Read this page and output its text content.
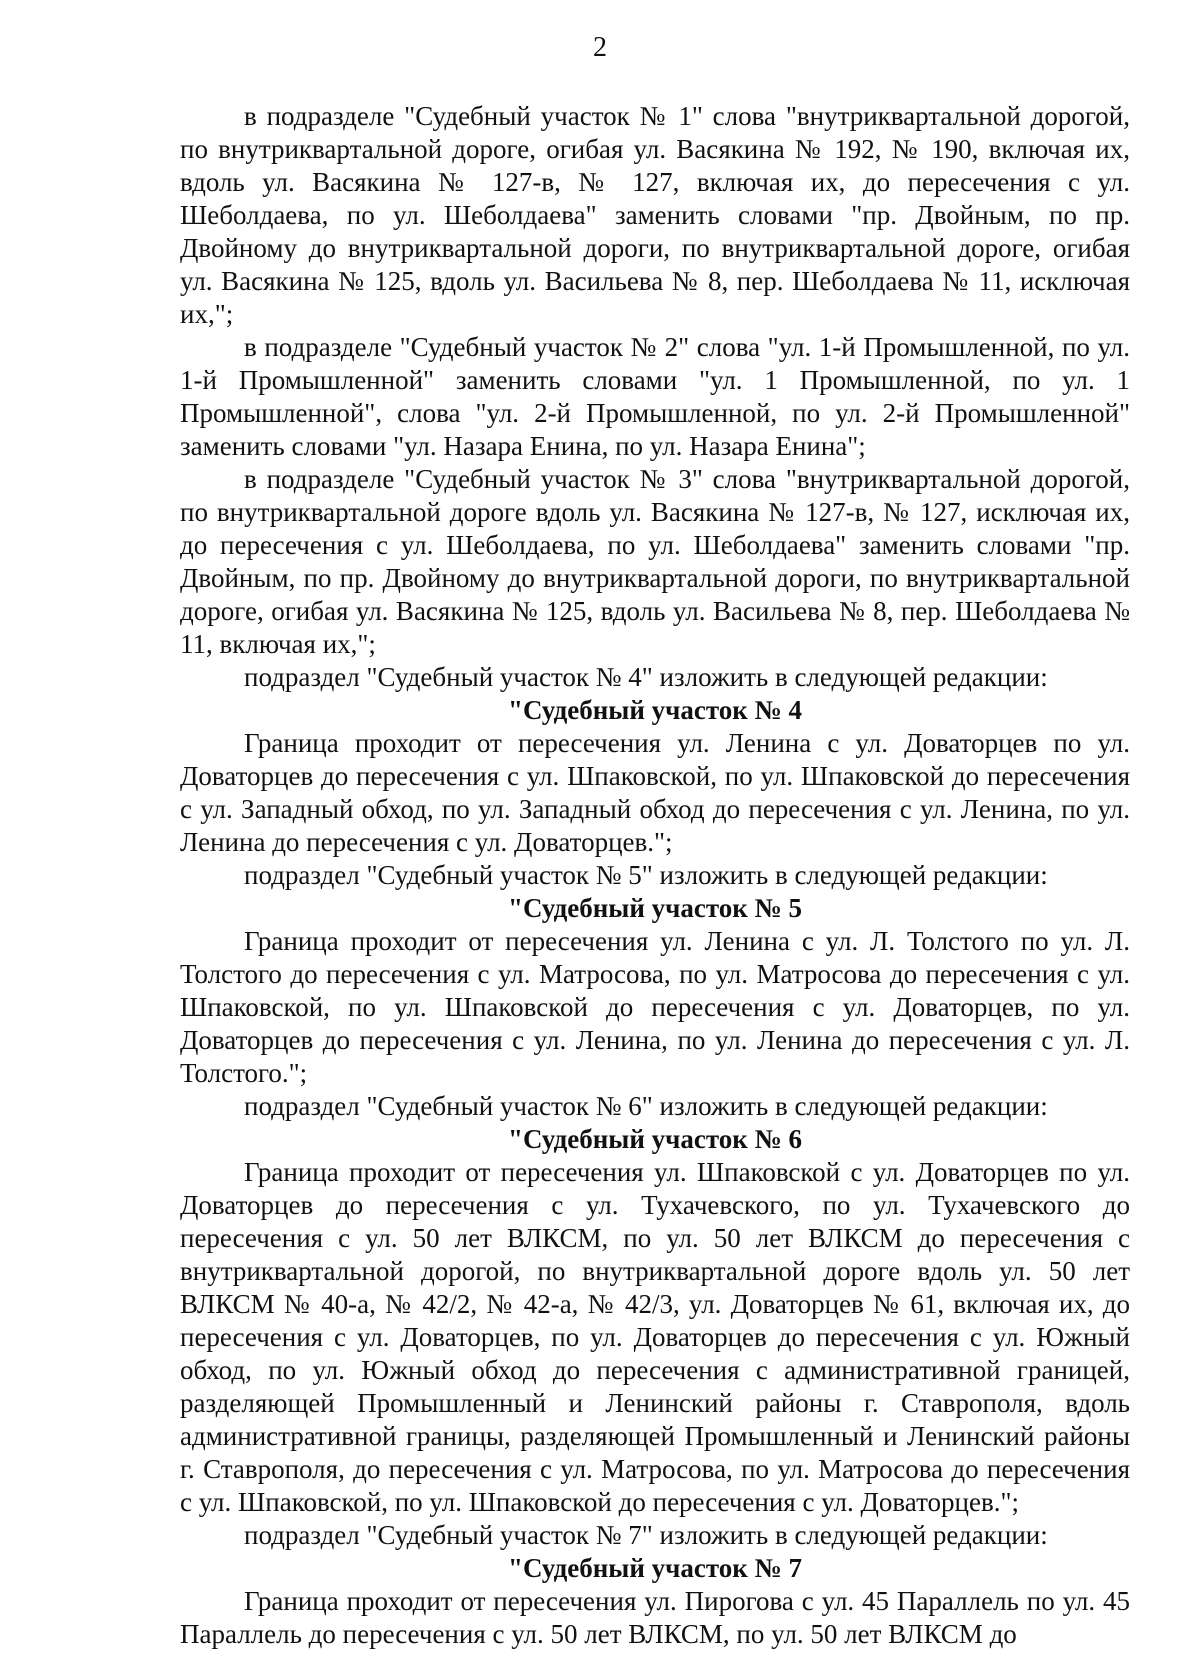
2

в подразделе "Судебный участок № 1" слова "внутриквартальной дорогой, по внутриквартальной дороге, огибая ул. Васякина № 192, № 190, включая их, вдоль ул. Васякина № 127-в, № 127, включая их, до пересечения с ул. Шеболдаева, по ул. Шеболдаева" заменить словами "пр. Двойным, по пр. Двойному до внутриквартальной дороги, по внутриквартальной дороге, огибая ул. Васякина № 125, вдоль ул. Васильева № 8, пер. Шеболдаева № 11, исключая их,";

в подразделе "Судебный участок № 2" слова "ул. 1-й Промышленной, по ул. 1-й Промышленной" заменить словами "ул. 1 Промышленной, по ул. 1 Промышленной", слова "ул. 2-й Промышленной, по ул. 2-й Промышленной" заменить словами "ул. Назара Енина, по ул. Назара Енина";

в подразделе "Судебный участок № 3" слова "внутриквартальной дорогой, по внутриквартальной дороге вдоль ул. Васякина № 127-в, № 127, исключая их, до пересечения с ул. Шеболдаева, по ул. Шеболдаева" заменить словами "пр. Двойным, по пр. Двойному до внутриквартальной дороги, по внутриквартальной дороге, огибая ул. Васякина № 125, вдоль ул. Васильева № 8, пер. Шеболдаева № 11, включая их,";

подраздел "Судебный участок № 4" изложить в следующей редакции:

"Судебный участок № 4

Граница проходит от пересечения ул. Ленина с ул. Доваторцев по ул. Доваторцев до пересечения с ул. Шпаковской, по ул. Шпаковской до пересечения с ул. Западный обход, по ул. Западный обход до пересечения с ул. Ленина, по ул. Ленина до пересечения с ул. Доваторцев.";

подраздел "Судебный участок № 5" изложить в следующей редакции:

"Судебный участок № 5

Граница проходит от пересечения ул. Ленина с ул. Л. Толстого по ул. Л. Толстого до пересечения с ул. Матросова, по ул. Матросова до пересечения с ул. Шпаковской, по ул. Шпаковской до пересечения с ул. Доваторцев, по ул. Доваторцев до пересечения с ул. Ленина, по ул. Ленина до пересечения с ул. Л. Толстого.";

подраздел "Судебный участок № 6" изложить в следующей редакции:

"Судебный участок № 6

Граница проходит от пересечения ул. Шпаковской с ул. Доваторцев по ул. Доваторцев до пересечения с ул. Тухачевского, по ул. Тухачевского до пересечения с ул. 50 лет ВЛКСМ, по ул. 50 лет ВЛКСМ до пересечения с внутриквартальной дорогой, по внутриквартальной дороге вдоль ул. 50 лет ВЛКСМ № 40-а, № 42/2, № 42-а, № 42/3, ул. Доваторцев № 61, включая их, до пересечения с ул. Доваторцев, по ул. Доваторцев до пересечения с ул. Южный обход, по ул. Южный обход до пересечения с административной границей, разделяющей Промышленный и Ленинский районы г. Ставрополя, вдоль административной границы, разделяющей Промышленный и Ленинский районы г. Ставрополя, до пересечения с ул. Матросова, по ул. Матросова до пересечения с ул. Шпаковской, по ул. Шпаковской до пересечения с ул. Доваторцев.";

подраздел "Судебный участок № 7" изложить в следующей редакции:

"Судебный участок № 7

Граница проходит от пересечения ул. Пирогова с ул. 45 Параллель по ул. 45 Параллель до пересечения с ул. 50 лет ВЛКСМ, по ул. 50 лет ВЛКСМ до
